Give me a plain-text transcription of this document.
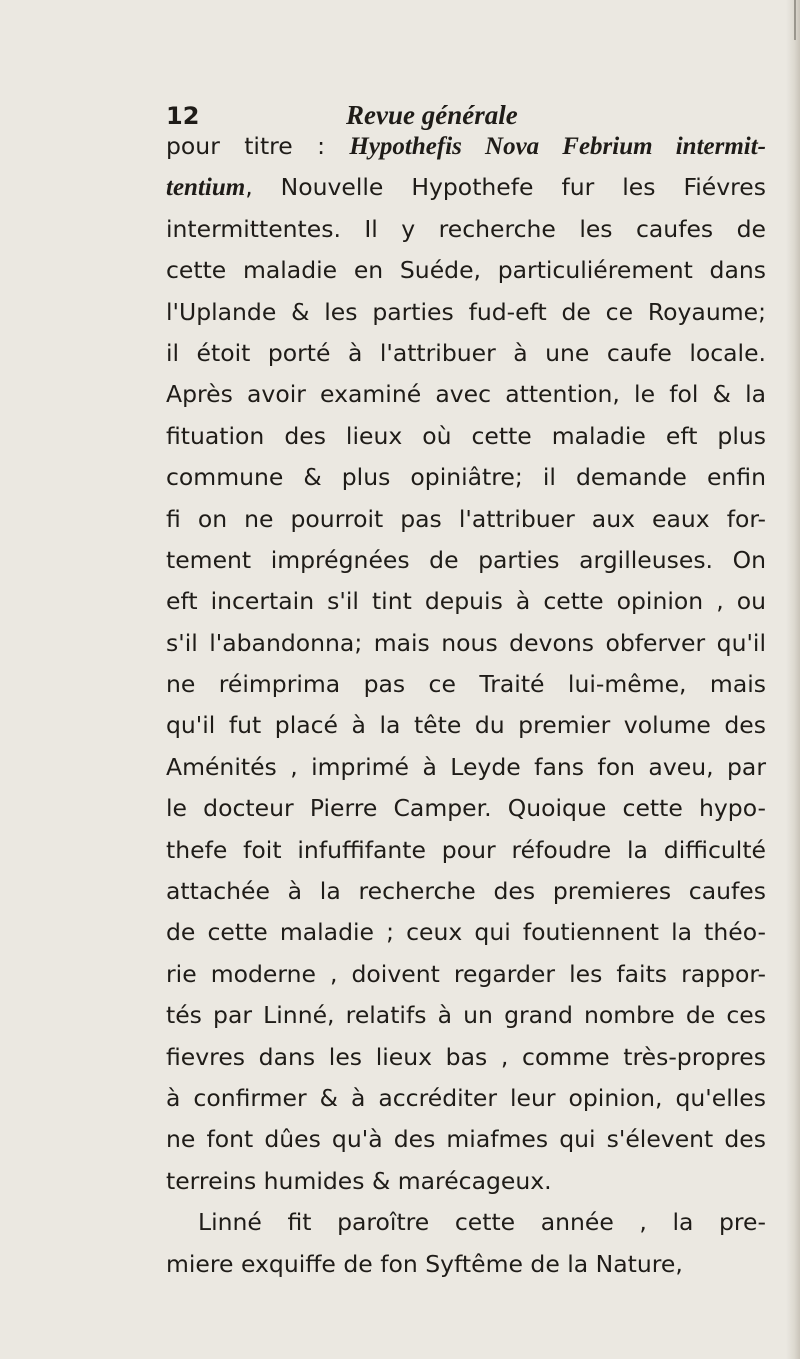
12	Revue générale
pour titre : Hypothefis Nova Febrium intermit-
tentium, Nouvelle Hypothefe fur les Fiévres
intermittentes. Il y recherche les caufes de
cette maladie en Suéde, particuliérement dans
l'Uplande & les parties fud-eft de ce Royaume;
il étoit porté à l'attribuer à une caufe locale.
Après avoir examiné avec attention, le fol & la
fituation des lieux où cette maladie eft plus
commune & plus opiniâtre; il demande enfin
fi on ne pourroit pas l'attribuer aux eaux for-
tement imprégnées de parties argilleuses. On
eft incertain s'il tint depuis à cette opinion , ou
s'il l'abandonna; mais nous devons obferver qu'il
ne réimprima pas ce Traité lui-même, mais
qu'il fut placé à la tête du premier volume des
Aménités , imprimé à Leyde fans fon aveu, par
le docteur Pierre Camper. Quoique cette hypo-
thefe foit infuffifante pour réfoudre la difficulté
attachée à la recherche des premieres caufes
de cette maladie ; ceux qui foutiennent la théo-
rie moderne , doivent regarder les faits rappor-
tés par Linné, relatifs à un grand nombre de ces
fievres dans les lieux bas , comme très-propres
à confirmer & à accréditer leur opinion, qu'elles
ne font dûes qu'à des miafmes qui s'élevent des
terreins humides & marécageux.
Linné fit paroître cette année , la pre-
miere exquiffe de fon Syftême de la Nature,
